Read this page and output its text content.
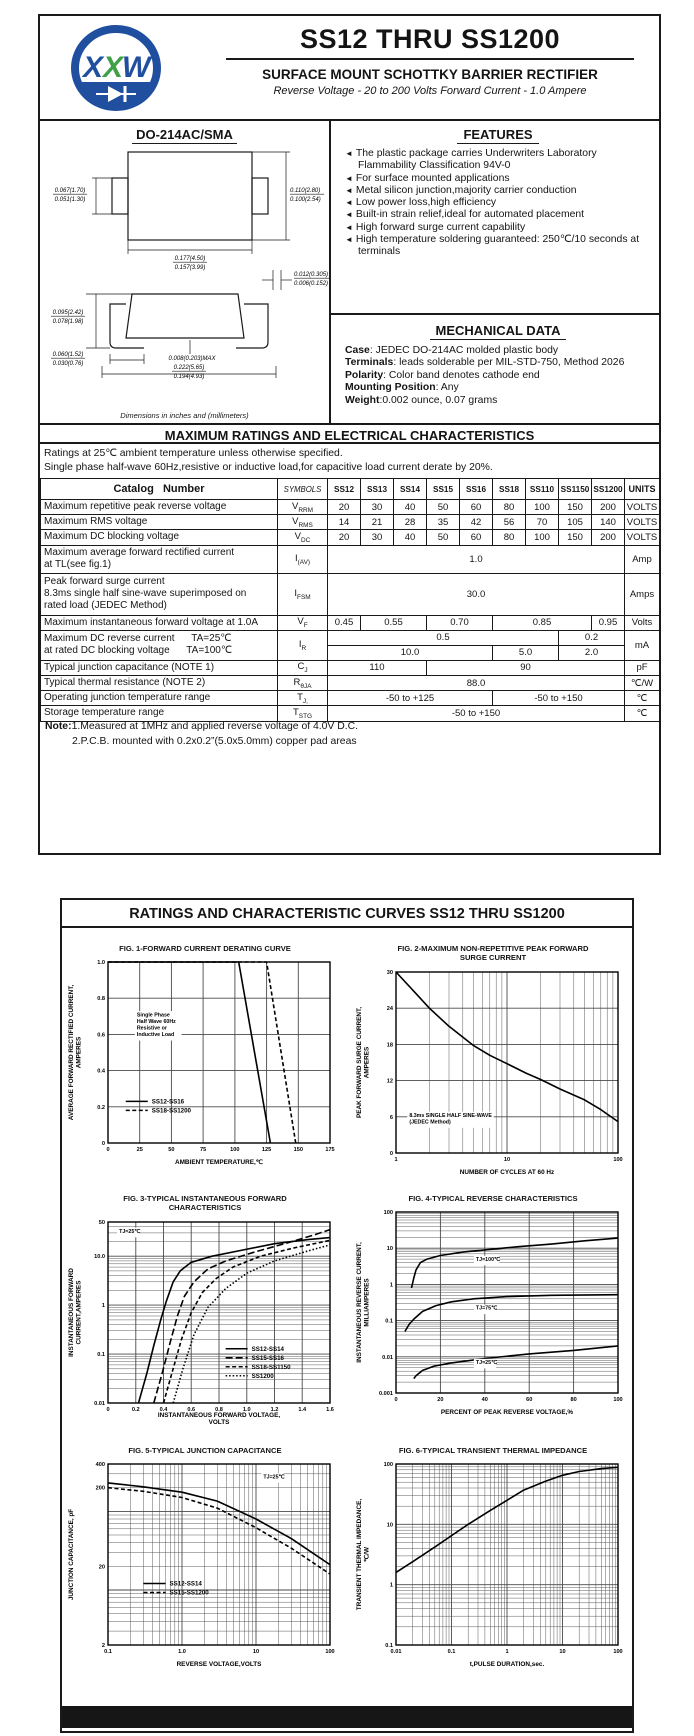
X X
W
SS12 THRU SS1200
SURFACE MOUNT SCHOTTKY BARRIER RECTIFIER
Reverse Voltage - 20 to 200 Volts Forward Current - 1.0 Ampere
DO-214AC/SMA
0.067(1.70)
0.051(1.30)
0.110(2.80)
0.100(2.54)
0.177(4.50)
0.157(3.99)
0.012(0.305)
0.006(0.152)
0.095(2.42)
0.078(1.98)
0.060(1.52)
0.030(0.76)
0.008(0.203)MAX
0.222(5.65)
0.194(4.93)
Dimensions in inches and (millimeters)
FEATURES
◄ The plastic package carries Underwriters Laboratory Flammability Classification 94V-0
◄ For surface mounted applications
◄ Metal silicon junction,majority carrier conduction
◄ Low power loss,high efficiency
◄ Built-in strain relief,ideal for automated placement
◄ High forward surge current capability
◄ High temperature soldering guaranteed: 250℃/10 seconds at terminals
MECHANICAL DATA
Case: JEDEC DO-214AC molded plastic body
Terminals: leads solderable per MIL-STD-750, Method 2026
Polarity: Color band denotes cathode end
Mounting Position: Any
Weight:0.002 ounce, 0.07 grams
MAXIMUM RATINGS AND ELECTRICAL CHARACTERISTICS
Ratings at 25℃ ambient temperature unless otherwise specified.
Single phase half-wave 60Hz,resistive or inductive load,for capacitive load current derate by 20%.
Catalog   Number	SYMBOLS	SS12	SS13	SS14	SS15	SS16	SS18	SS110	SS1150	SS1200	UNITS
Maximum repetitive peak reverse voltage	$V_{RRM}$	20	30	40	50	60	80	100	150	200	VOLTS
Maximum RMS voltage	$V_{RMS}$	14	21	28	35	42	56	70	105	140	VOLTS
Maximum DC blocking voltage	$V_{DC}$	20	30	40	50	60	80	100	150	200	VOLTS
Maximum average forward rectified current
at TL(see fig.1)	$I_{(AV)}$	1.0									Amp
Peak forward surge current
8.3ms single half sine-wave superimposed on
rated load (JEDEC Method)	$I_{FSM}$	30.0									Amps
Maximum instantaneous forward voltage at 1.0A	$V_F$	0.45	0.55		0.70		0.85			0.95	Volts
Maximum DC reverse current      TA=25℃
at rated DC blocking voltage      TA=100℃	$I_R$	0.5							0.2		mA
		10.0					5.0		2.0		
Typical junction capacitance (NOTE 1)	$C_J$	110			90						pF
Typical thermal resistance (NOTE 2)	$R_{\theta JA}$	88.0									℃/W
Operating junction temperature range	$T_{J,}$	-50 to +125					-50 to +150				℃
Storage temperature range	$T_{STG}$	-50 to +150									℃
Note:1.Measured at 1MHz and applied reverse voltage of 4.0V D.C.
2.P.C.B. mounted with 0.2x0.2”(5.0x5.0mm) copper pad areas
RATINGS AND CHARACTERISTIC CURVES SS12 THRU SS1200
FIG. 1-FORWARD CURRENT DERATING CURVE
0	25	50	75	100	125	150	175
0
0.2
0.4
0.6
0.8
1.0
Single Phase
Half Wave 60Hz
Resistive or
Inductive Load
SS12-SS16
SS18-SS1200
AMBIENT TEMPERATURE,℃
AVERAGE FORWARD RECTIFIED CURRENT, AMPERES
FIG. 2-MAXIMUM NON-REPETITIVE PEAK FORWARD
SURGE CURRENT
1	10	100
0
6
12
18
24
30
8.3ms SINGLE HALF SINE-WAVE
(JEDEC Method)
NUMBER OF CYCLES AT 60 Hz
PEAK FORWARD SURGE CURRENT, AMPERES
FIG. 3-TYPICAL INSTANTANEOUS FORWARD
CHARACTERISTICS
0	0.2	0.4	0.6	0.8	1.0	1.2	1.4	1.6
0.01
0.1
1
10.0
50
TJ=25℃
SS12-SS14
SS15-SS16
SS18-SS1150
SS1200
INSTANTANEOUS FORWARD VOLTAGE,
VOLTS
INSTANTANEOUS FORWARD CURRENT,AMPERES
FIG. 4-TYPICAL REVERSE CHARACTERISTICS
0	20	40	60	80	100
0.001
0.01
0.1
1
10
100
TJ=100℃
TJ=75℃
TJ=25℃
PERCENT OF PEAK REVERSE VOLTAGE,%
INSTANTANEOUS REVERSE CURRENT, MILLIAMPERES
FIG. 5-TYPICAL JUNCTION CAPACITANCE
0.1	1.0	10	100
2
20
200
400
TJ=25℃
SS12-SS14
SS15-SS1200
REVERSE VOLTAGE,VOLTS
JUNCTION CAPACITANCE, pF
FIG. 6-TYPICAL TRANSIENT THERMAL IMPEDANCE
0.01	0.1	1	10	100
0.1
1
10
100
t,PULSE DURATION,sec.
TRANSIENT THERMAL IMPEDANCE, ℃/W
